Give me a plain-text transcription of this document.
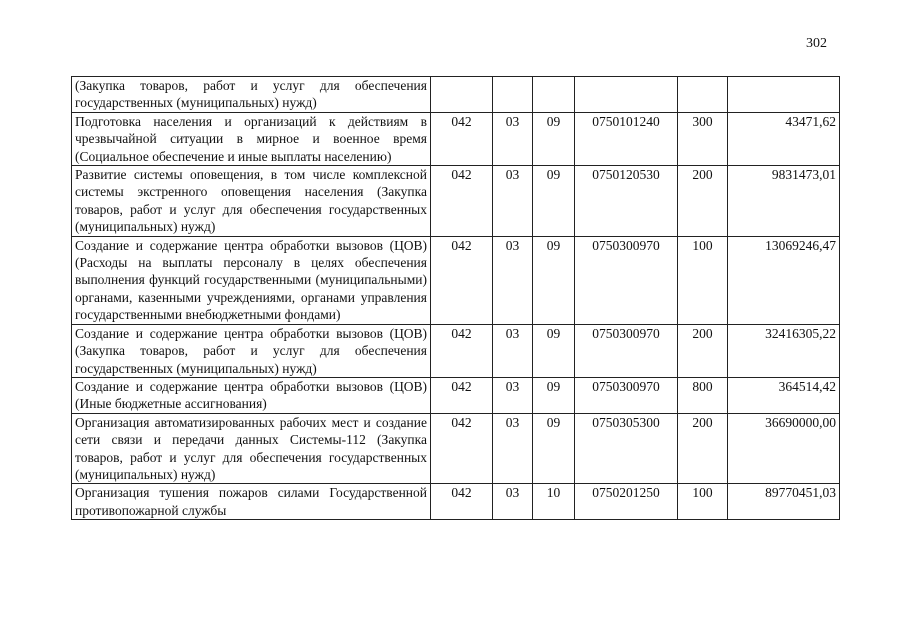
302
(Закупка товаров, работ и услуг для обеспечения государственных (муниципальных) нужд)						
Подготовка населения и организаций к действиям в чрезвычайной ситуации в мирное и военное время (Социальное обеспечение и иные выплаты населению)	042	03	09	0750101240	300	43471,62
Развитие системы оповещения, в том числе комплексной системы экстренного оповещения населения (Закупка товаров, работ и услуг для обеспечения государственных (муниципальных) нужд)	042	03	09	0750120530	200	9831473,01
Создание и содержание центра обработки вызовов (ЦОВ) (Расходы на выплаты персоналу в целях обеспечения выполнения функций государственными (муниципальными) органами, казенными учреждениями, органами управления государственными внебюджетными фондами)	042	03	09	0750300970	100	13069246,47
Создание и содержание центра обработки вызовов (ЦОВ) (Закупка товаров, работ и услуг для обеспечения государственных (муниципальных) нужд)	042	03	09	0750300970	200	32416305,22
Создание и содержание центра обработки вызовов (ЦОВ) (Иные бюджетные ассигнования)	042	03	09	0750300970	800	364514,42
Организация автоматизированных рабочих мест и создание сети связи и передачи данных Системы-112 (Закупка товаров, работ и услуг для обеспечения государственных (муниципальных) нужд)	042	03	09	0750305300	200	36690000,00
Организация тушения пожаров силами Государственной противопожарной службы	042	03	10	0750201250	100	89770451,03
